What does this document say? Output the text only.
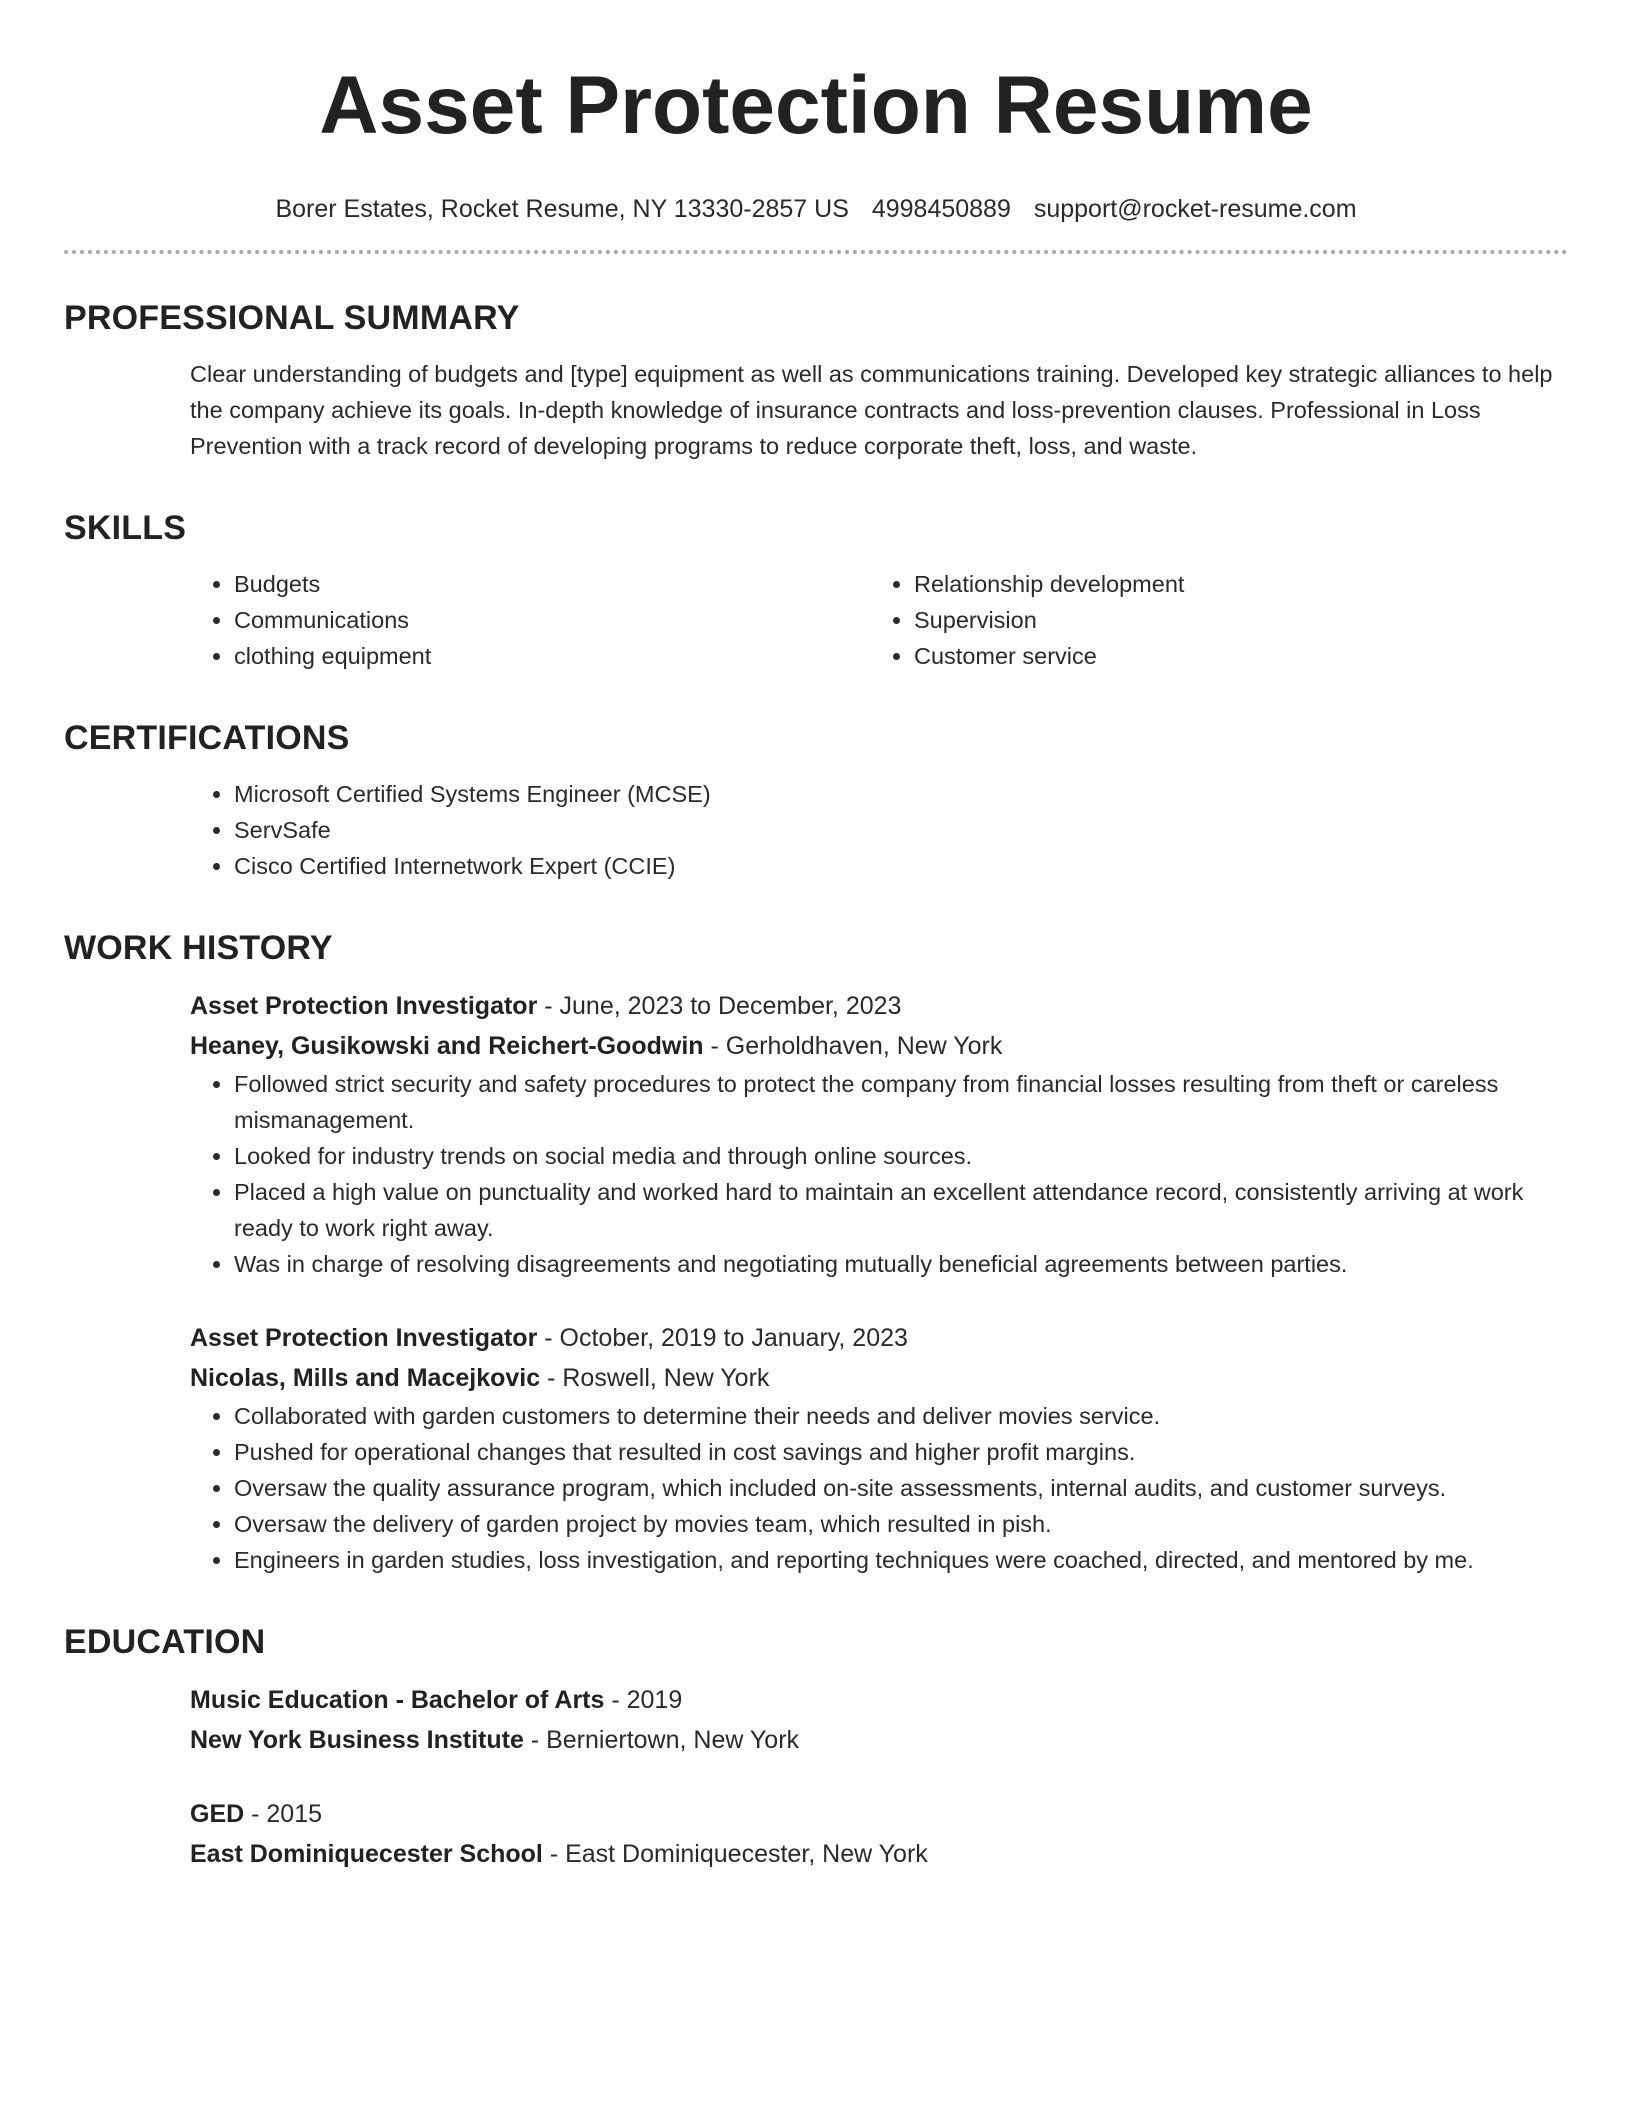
Asset Protection Resume
Borer Estates, Rocket Resume, NY 13330-2857 US 4998450889 support@rocket-resume.com
PROFESSIONAL SUMMARY

Clear understanding of budgets and [type] equipment as well as communications training. Developed key strategic alliances to help the company achieve its goals. In-depth knowledge of insurance contracts and loss-prevention clauses. Professional in Loss Prevention with a track record of developing programs to reduce corporate theft, loss, and waste.

SKILLS
• Budgets
• Communications
• clothing equipment
• Relationship development
• Supervision
• Customer service
CERTIFICATIONS
• Microsoft Certified Systems Engineer (MCSE)
• ServSafe
• Cisco Certified Internetwork Expert (CCIE)
WORK HISTORY
Asset Protection Investigator - June, 2023 to December, 2023
Heaney, Gusikowski and Reichert-Goodwin - Gerholdhaven, New York
• Followed strict security and safety procedures to protect the company from financial losses resulting from theft or careless mismanagement.
• Looked for industry trends on social media and through online sources.
• Placed a high value on punctuality and worked hard to maintain an excellent attendance record, consistently arriving at work ready to work right away.
• Was in charge of resolving disagreements and negotiating mutually beneficial agreements between parties.
Asset Protection Investigator - October, 2019 to January, 2023
Nicolas, Mills and Macejkovic - Roswell, New York
• Collaborated with garden customers to determine their needs and deliver movies service.
• Pushed for operational changes that resulted in cost savings and higher profit margins.
• Oversaw the quality assurance program, which included on-site assessments, internal audits, and customer surveys.
• Oversaw the delivery of garden project by movies team, which resulted in pish.
• Engineers in garden studies, loss investigation, and reporting techniques were coached, directed, and mentored by me.
EDUCATION
Music Education - Bachelor of Arts - 2019
New York Business Institute - Berniertown, New York
GED - 2015
East Dominiquecester School - East Dominiquecester, New York
